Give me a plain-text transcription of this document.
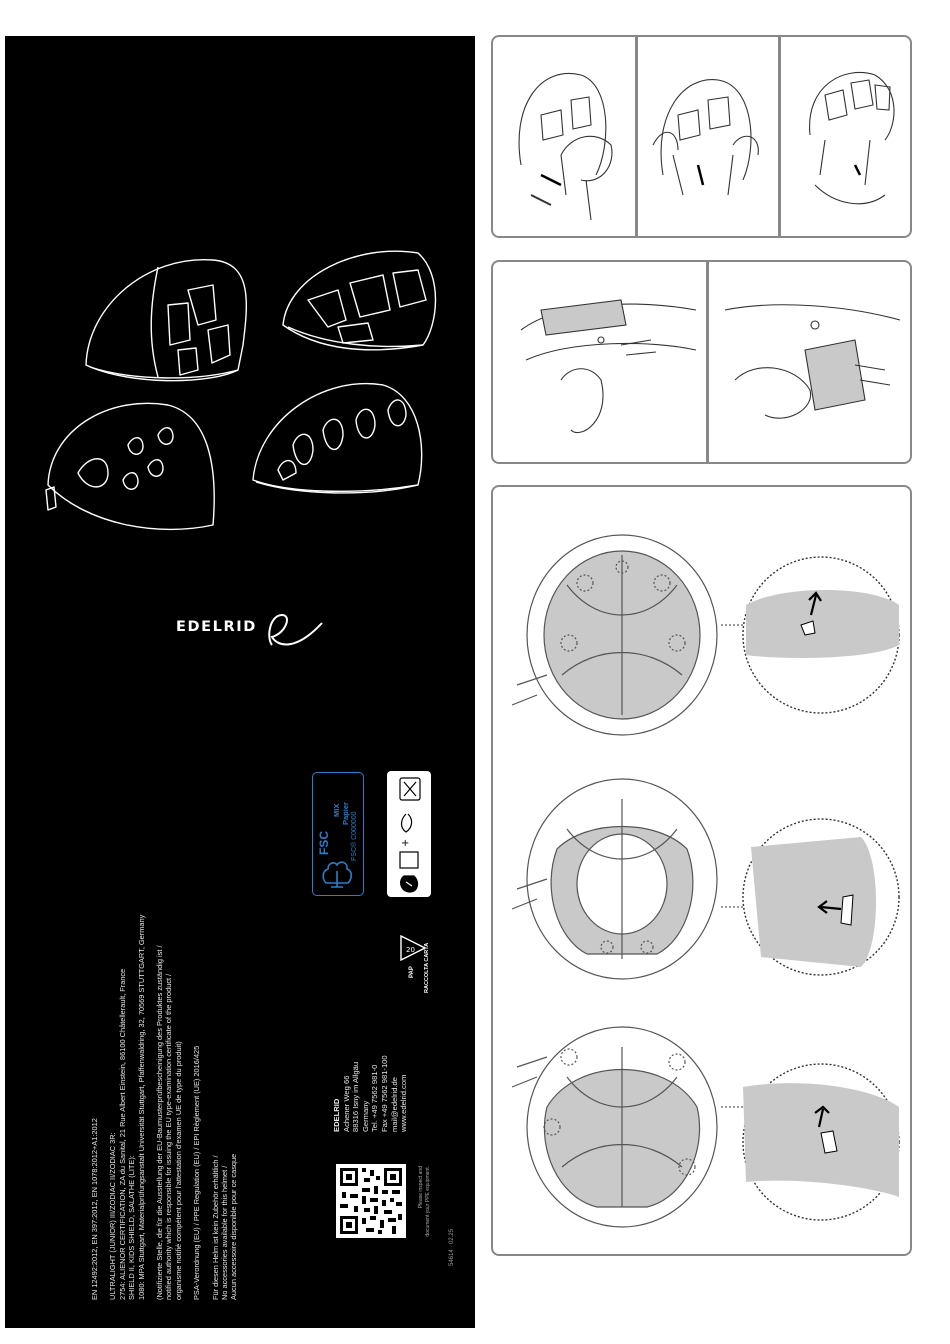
EDELRID

EN 12492:2012, EN 397:2012, EN 1078:2012+A1:2012 ULTRALIGHT (JUNIOR) III/ZODIAC II/ZODIAC 3R: 2754: ALIENOR CERTIFICATION, ZA du Sanital, 21 Rue Albert Einstein, 86100 Châtellerault, France SHIELD II, KIDS SHIELD, SALATHE (LITE): 1080: MPA Stuttgart, Materialprüfungsanstalt Universität Stuttgart, Pfaffenwaldring, 32, 70569 STUTTGART, Germany (Notifizierte Stelle, die für die Ausstellung der EU-Baumusterprüfbescheinigung des Produktes zuständig ist / notified authority which is responsible for issuing the EU type-examination certificate of the product / organisme notifié compétent pour l'attestation d'examen UE de type du produit) PSA-Verordnung (EU) / PPE Regulation (EU) / EPI Règlement (UE) 2016/425 Für diesen Helm ist kein Zubehör erhältlich / No accessories available for this helmet / Aucun accessoire disponible pour ce casque

EDELRID Achener Weg 66 88316 Isny im Allgäu Germany Tel. +49 7562 981-0 Fax +49 7562 981-100 mail@edelrid.de www.edelrid.com

Please inspect and document your PPE equipment.
54614 · 02.25
FSC
MIX Papier FSC® C000000	+
20
PAP RACCOLTA CARTA
